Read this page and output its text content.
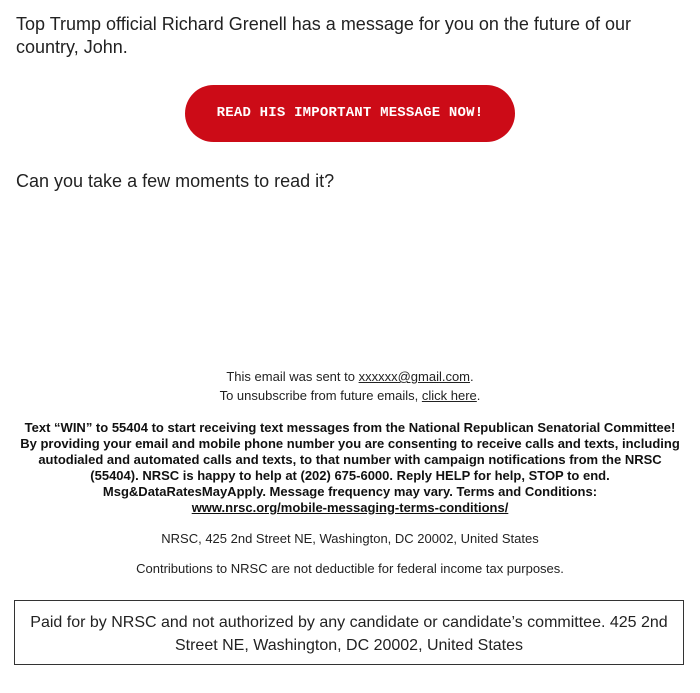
Top Trump official Richard Grenell has a message for you on the future of our country, John.

READ HIS IMPORTANT MESSAGE NOW!

Can you take a few moments to read it?

This email was sent to xxxxxx@gmail.com.

To unsubscribe from future emails, click here.

Text “WIN” to 55404 to start receiving text messages from the National Republican Senatorial Committee! By providing your email and mobile phone number you are consenting to receive calls and texts, including autodialed and automated calls and texts, to that number with campaign notifications from the NRSC (55404). NRSC is happy to help at (202) 675-6000. Reply HELP for help, STOP to end. Msg&DataRatesMayApply. Message frequency may vary. Terms and Conditions:
www.nrsc.org/mobile-messaging-terms-conditions/

NRSC, 425 2nd Street NE, Washington, DC 20002, United States

Contributions to NRSC are not deductible for federal income tax purposes.

Paid for by NRSC and not authorized by any candidate or candidate’s committee. 425 2nd Street NE, Washington, DC 20002, United States
